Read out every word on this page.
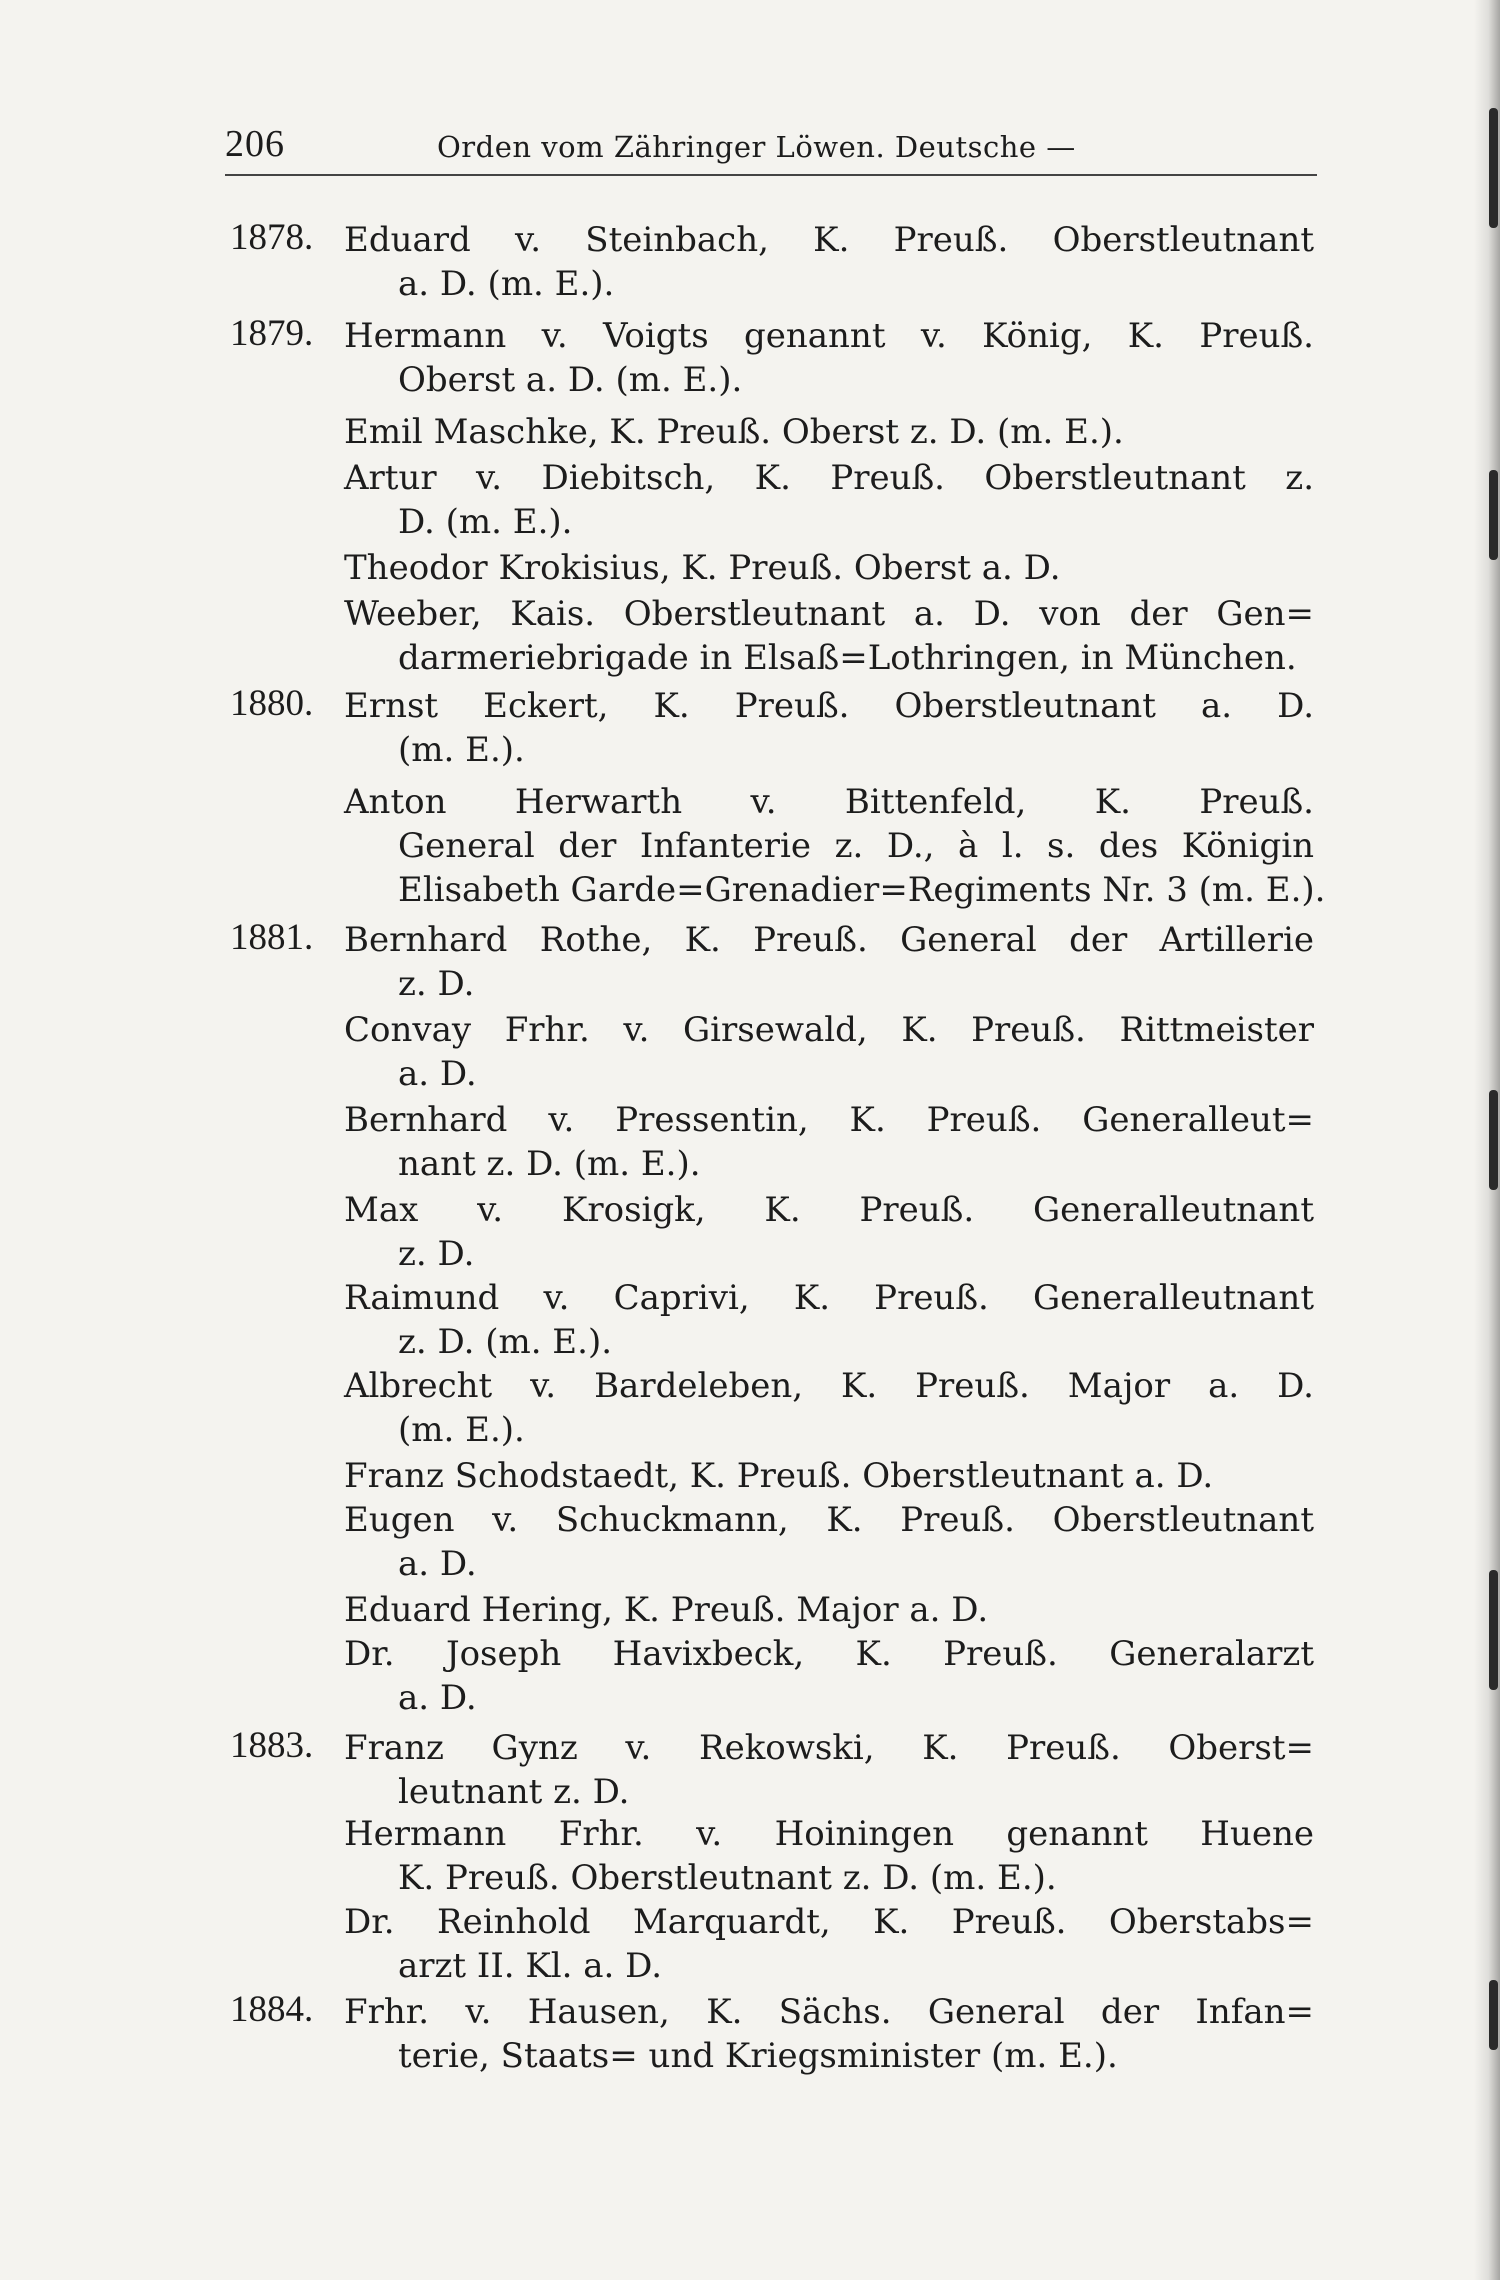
206	Orden vom Zähringer Löwen. Deutsche —
1878. Eduard v. Steinbach, K. Preuß. Oberstleutnant
a. D. (m. E.).
1879. Hermann v. Voigts genannt v. König, K. Preuß.
Oberst a. D. (m. E.).
Emil Maschke, K. Preuß. Oberst z. D. (m. E.).
Artur v. Diebitsch, K. Preuß. Oberstleutnant z.
D. (m. E.).
Theodor Krokisius, K. Preuß. Oberst a. D.
Weeber, Kais. Oberstleutnant a. D. von der Gen=
darmeriebrigade in Elsaß=Lothringen, in München.
1880. Ernst Eckert, K. Preuß. Oberstleutnant a. D.
(m. E.).
Anton Herwarth v. Bittenfeld, K. Preuß.
General der Infanterie z. D., à l. s. des Königin
Elisabeth Garde=Grenadier=Regiments Nr. 3 (m. E.).
1881. Bernhard Rothe, K. Preuß. General der Artillerie
z. D.
Convay Frhr. v. Girsewald, K. Preuß. Rittmeister
a. D.
Bernhard v. Pressentin, K. Preuß. Generalleut=
nant z. D. (m. E.).
Max v. Krosigk, K. Preuß. Generalleutnant
z. D.
Raimund v. Caprivi, K. Preuß. Generalleutnant
z. D. (m. E.).
Albrecht v. Bardeleben, K. Preuß. Major a. D.
(m. E.).
Franz Schodstaedt, K. Preuß. Oberstleutnant a. D.
Eugen v. Schuckmann, K. Preuß. Oberstleutnant
a. D.
Eduard Hering, K. Preuß. Major a. D.
Dr. Joseph Havixbeck, K. Preuß. Generalarzt
a. D.
1883. Franz Gynz v. Rekowski, K. Preuß. Oberst=
leutnant z. D.
Hermann Frhr. v. Hoiningen genannt Huene
K. Preuß. Oberstleutnant z. D. (m. E.).
Dr. Reinhold Marquardt, K. Preuß. Oberstabs=
arzt II. Kl. a. D.
1884. Frhr. v. Hausen, K. Sächs. General der Infan=
terie, Staats= und Kriegsminister (m. E.).
